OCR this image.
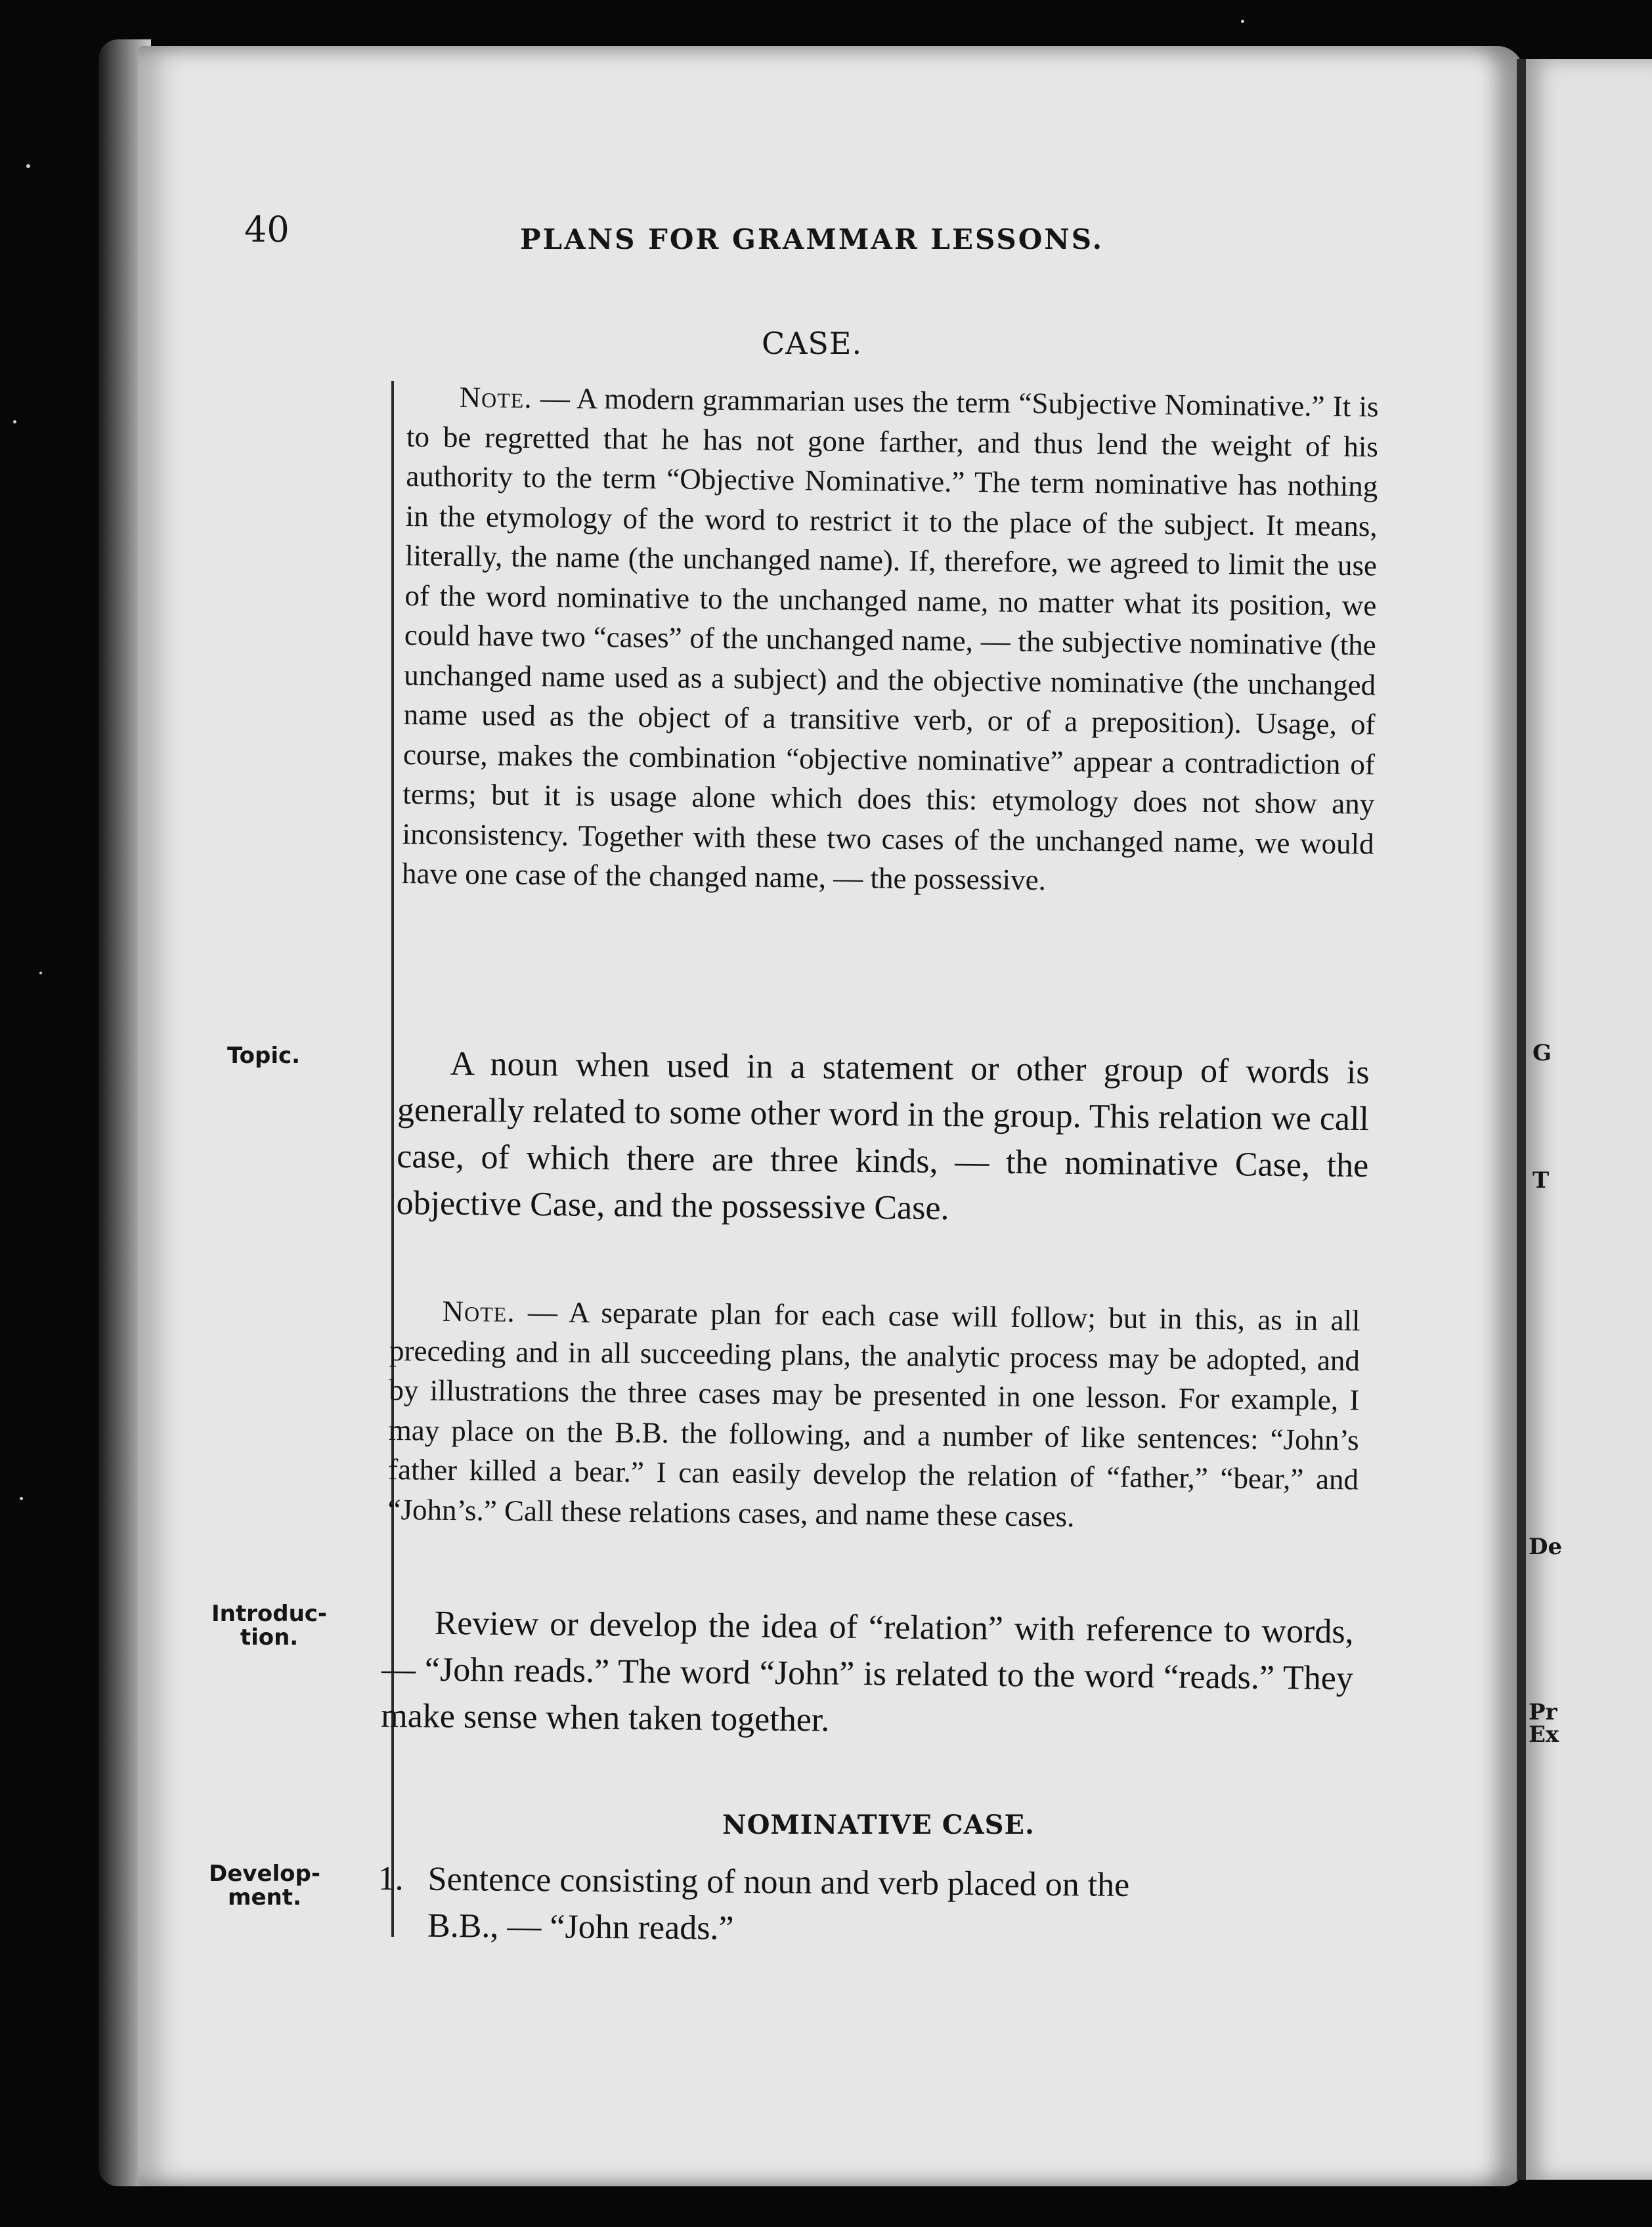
G
T
De
Pr
Ex
40	PLANS FOR GRAMMAR LESSONS.
CASE.
Topic.
Introduc-
tion.
Develop-
ment.
Note. — A modern grammarian uses the term “Subjective Nominative.” It is to be regretted that he has not gone farther, and thus lend the weight of his authority to the term “Objective Nominative.” The term nominative has nothing in the etymology of the word to restrict it to the place of the subject. It means, literally, the name (the unchanged name). If, therefore, we agreed to limit the use of the word nominative to the unchanged name, no matter what its position, we could have two “cases” of the unchanged name, — the subjective nominative (the unchanged name used as a subject) and the objective nominative (the unchanged name used as the object of a transitive verb, or of a preposition). Usage, of course, makes the combination “objective nominative” appear a contradiction of terms; but it is usage alone which does this: etymology does not show any inconsistency. Together with these two cases of the unchanged name, we would have one case of the changed name, — the possessive.
A noun when used in a statement or other group of words is generally related to some other word in the group. This relation we call case, of which there are three kinds, — the nominative Case, the objective Case, and the possessive Case.
Note. — A separate plan for each case will follow; but in this, as in all preceding and in all succeeding plans, the analytic process may be adopted, and by illustrations the three cases may be presented in one lesson. For example, I may place on the B.B. the following, and a number of like sentences: “John’s father killed a bear.” I can easily develop the relation of “father,” “bear,” and “John’s.” Call these relations cases, and name these cases.
Review or develop the idea of “relation” with reference to words, — “John reads.” The word “John” is related to the word “reads.” They make sense when taken together.
NOMINATIVE CASE.
1. Sentence consisting of noun and verb placed on the
B.B., — “John reads.”
